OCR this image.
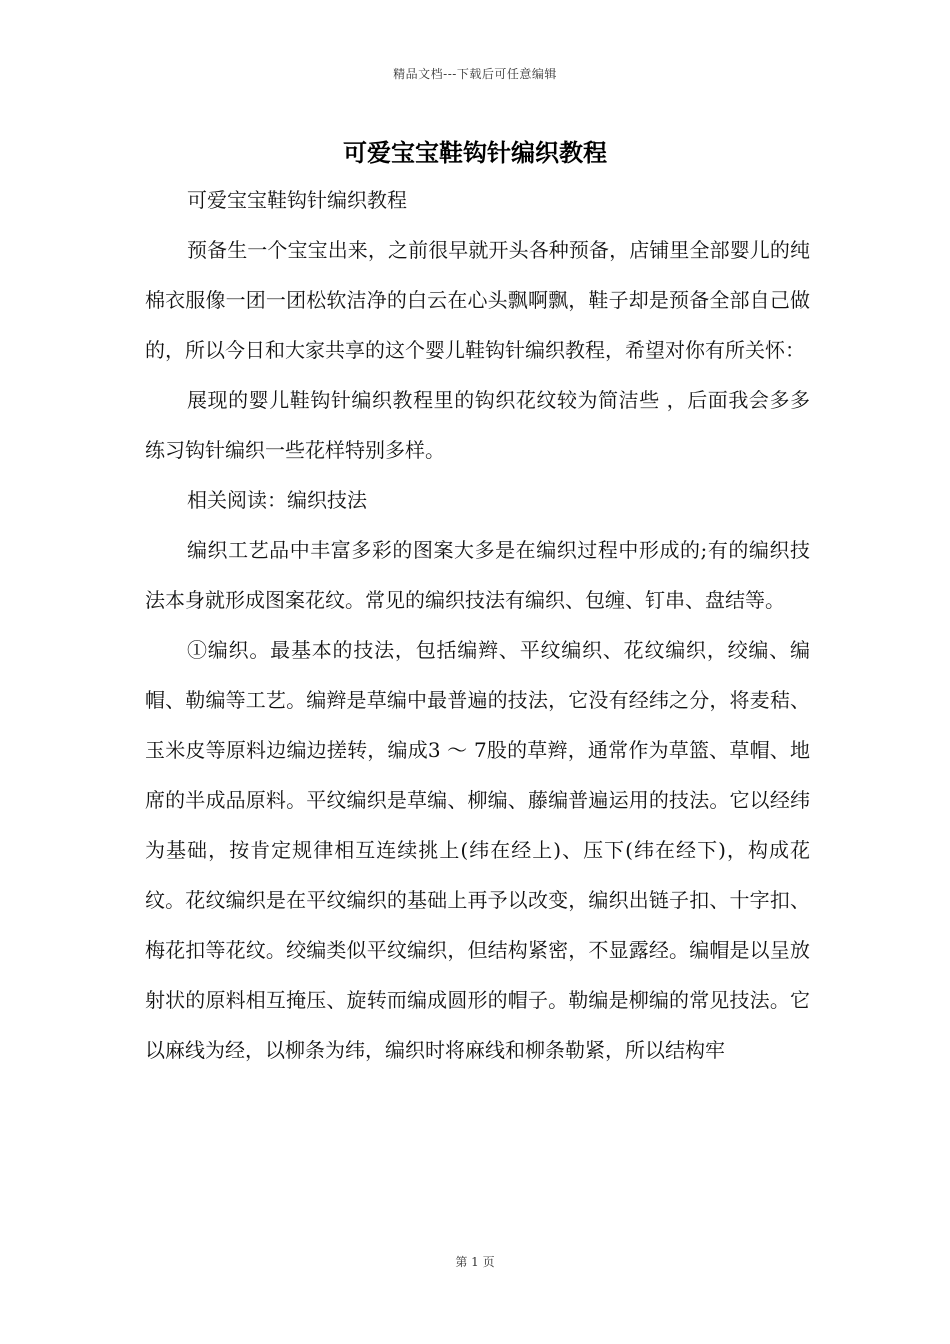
精品文档---下载后可任意编辑
可爱宝宝鞋钩针编织教程

可爱宝宝鞋钩针编织教程

预备生一个宝宝出来，之前很早就开头各种预备，店铺里全部婴儿的纯棉衣服像一团一团松软洁净的白云在心头飘啊飘，鞋子却是预备全部自己做的，所以今日和大家共享的这个婴儿鞋钩针编织教程，希望对你有所关怀：

展现的婴儿鞋钩针编织教程里的钩织花纹较为简洁些 ，后面我会多多练习钩针编织一些花样特别多样。

相关阅读：编织技法

编织工艺品中丰富多彩的图案大多是在编织过程中形成的;有的编织技法本身就形成图案花纹。常见的编织技法有编织、包缠、钉串、盘结等。

①编织。最基本的技法，包括编辫、平纹编织、花纹编织，绞编、编帽、勒编等工艺。编辫是草编中最普遍的技法，它没有经纬之分，将麦秸、玉米皮等原料边编边搓转，编成3 ～ 7股的草辫，通常作为草篮、草帽、地席的半成品原料。平纹编织是草编、柳编、藤编普遍运用的技法。它以经纬为基础，按肯定规律相互连续挑上(纬在经上)、压下(纬在经下)，构成花纹。花纹编织是在平纹编织的基础上再予以改变，编织出链子扣、十字扣、梅花扣等花纹。绞编类似平纹编织，但结构紧密，不显露经。编帽是以呈放射状的原料相互掩压、旋转而编成圆形的帽子。勒编是柳编的常见技法。它以麻线为经，以柳条为纬，编织时将麻线和柳条勒紧，所以结构牢

第 1 页
